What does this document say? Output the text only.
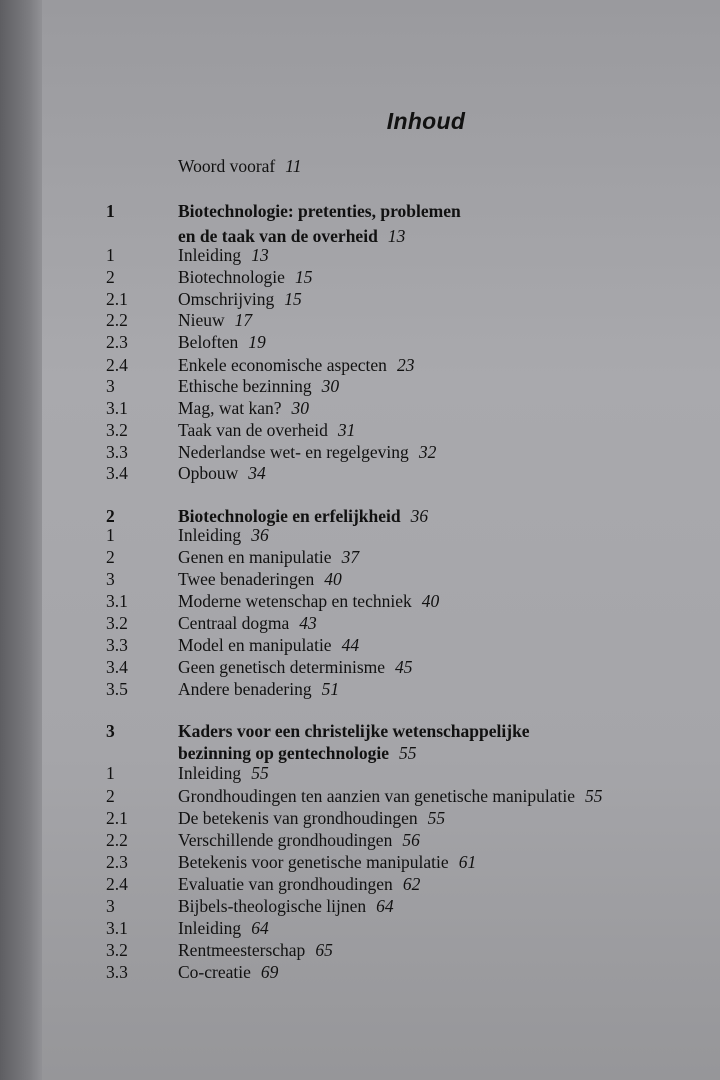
Inhoud
Woord vooraf 11
1	Biotechnologie: pretenties, problemen
en de taak van de overheid 13
1	Inleiding 13
2	Biotechnologie 15
2.1	Omschrijving 15
2.2	Nieuw 17
2.3	Beloften 19
2.4	Enkele economische aspecten 23
3	Ethische bezinning 30
3.1	Mag, wat kan? 30
3.2	Taak van de overheid 31
3.3	Nederlandse wet- en regelgeving 32
3.4	Opbouw 34
2	Biotechnologie en erfelijkheid 36
1	Inleiding 36
2	Genen en manipulatie 37
3	Twee benaderingen 40
3.1	Moderne wetenschap en techniek 40
3.2	Centraal dogma 43
3.3	Model en manipulatie 44
3.4	Geen genetisch determinisme 45
3.5	Andere benadering 51
3	Kaders voor een christelijke wetenschappelijke
bezinning op gentechnologie 55
1	Inleiding 55
2	Grondhoudingen ten aanzien van genetische manipulatie 55
2.1	De betekenis van grondhoudingen 55
2.2	Verschillende grondhoudingen 56
2.3	Betekenis voor genetische manipulatie 61
2.4	Evaluatie van grondhoudingen 62
3	Bijbels-theologische lijnen 64
3.1	Inleiding 64
3.2	Rentmeesterschap 65
3.3	Co-creatie 69
